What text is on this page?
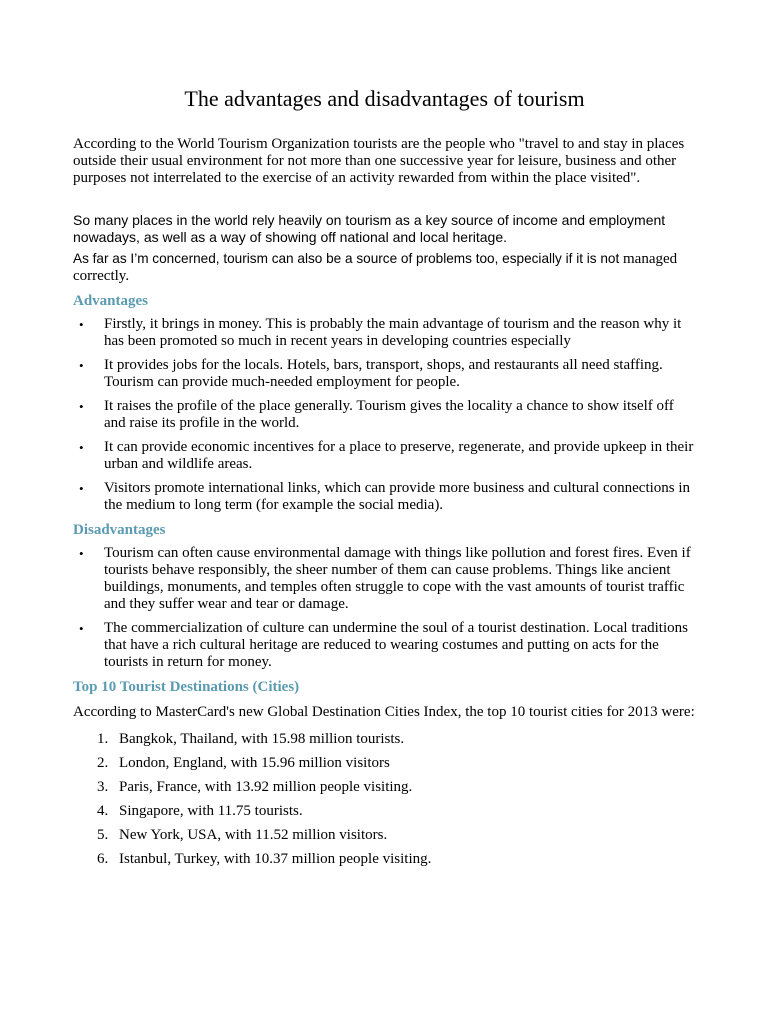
The advantages and disadvantages of tourism

According to the World Tourism Organization tourists are the people who "travel to and stay in places outside their usual environment for not more than one successive year for leisure, business and other purposes not interrelated to the exercise of an activity rewarded from within the place visited".

So many places in the world rely heavily on tourism as a key source of income and employment nowadays, as well as a way of showing off national and local heritage.

As far as I’m concerned, tourism can also be a source of problems too, especially if it is not managed correctly.

Advantages
• Firstly, it brings in money. This is probably the main advantage of tourism and the reason why it has been promoted so much in recent years in developing countries especially
• It provides jobs for the locals. Hotels, bars, transport, shops, and restaurants all need staffing. Tourism can provide much-needed employment for people.
• It raises the profile of the place generally. Tourism gives the locality a chance to show itself off and raise its profile in the world.
• It can provide economic incentives for a place to preserve, regenerate, and provide upkeep in their urban and wildlife areas.
• Visitors promote international links, which can provide more business and cultural connections in the medium to long term (for example the social media).
Disadvantages
• Tourism can often cause environmental damage with things like pollution and forest fires. Even if tourists behave responsibly, the sheer number of them can cause problems. Things like ancient buildings, monuments, and temples often struggle to cope with the vast amounts of tourist traffic and they suffer wear and tear or damage.
• The commercialization of culture can undermine the soul of a tourist destination. Local traditions that have a rich cultural heritage are reduced to wearing costumes and putting on acts for the tourists in return for money.
Top 10 Tourist Destinations (Cities)

According to MasterCard's new Global Destination Cities Index, the top 10 tourist cities for 2013 were:

1. Bangkok, Thailand, with 15.98 million tourists.
2. London, England, with 15.96 million visitors
3. Paris, France, with 13.92 million people visiting.
4. Singapore, with 11.75 tourists.
5. New York, USA, with 11.52 million visitors.
6. Istanbul, Turkey, with 10.37 million people visiting.
